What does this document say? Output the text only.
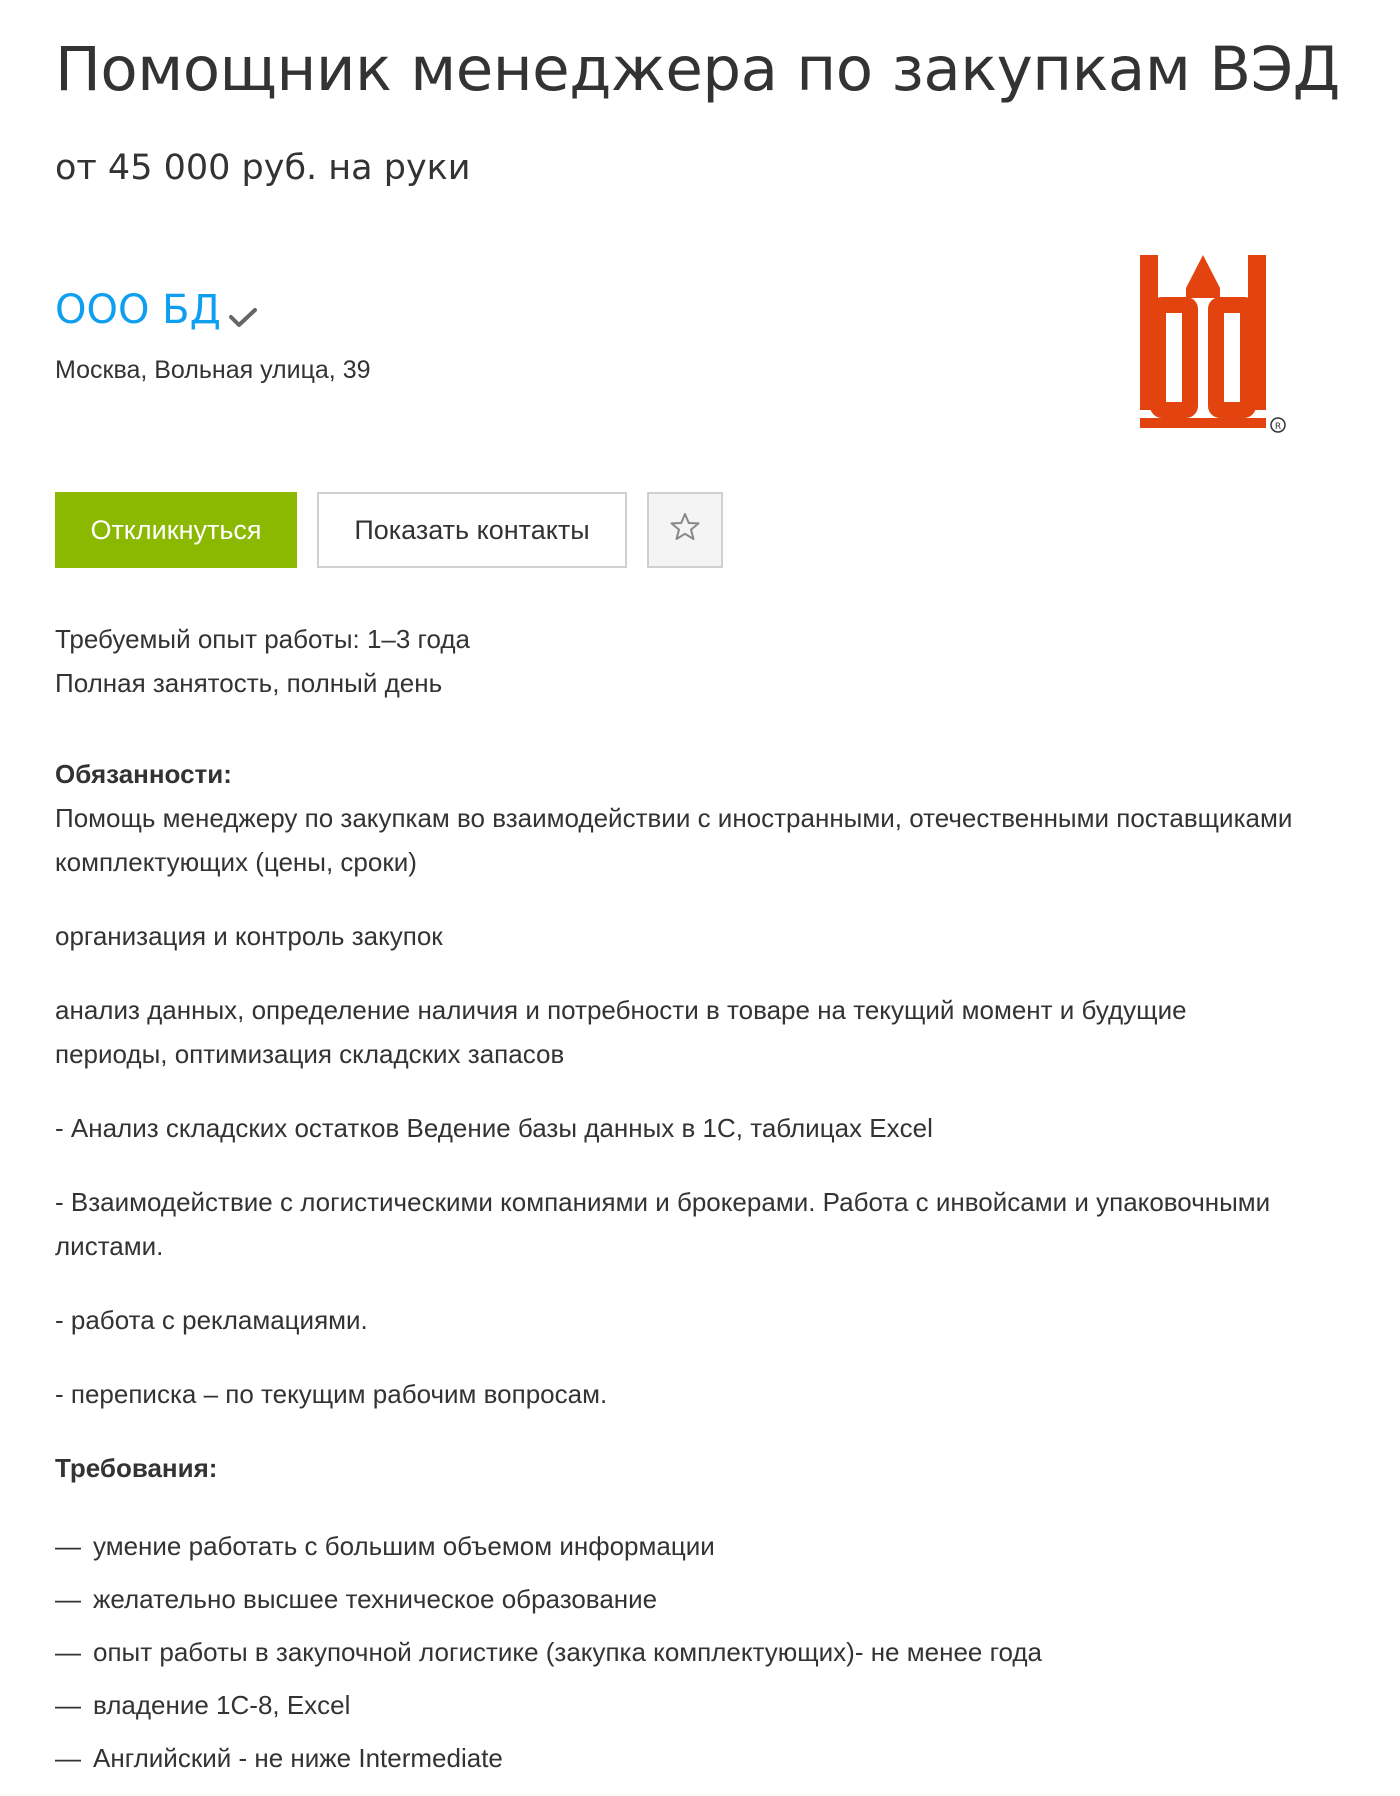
Помощник менеджера по закупкам ВЭД
от 45 000 руб. на руки
ООО БД
Москва, Вольная улица, 39
R
Откликнуться	Показать контакты
Требуемый опыт работы: 1–3 года
Полная занятость, полный день
Обязанности:

Помощь менеджеру по закупкам во взаимодействии с иностранными, отечественными поставщиками комплектующих (цены, сроки)

организация и контроль закупок

анализ данных, определение наличия и потребности в товаре на текущий момент и будущие периоды, оптимизация складских запасов

- Анализ складских остатков Ведение базы данных в 1С, таблицах Excel

- Взаимодействие с логистическими компаниями и брокерами. Работа с инвойсами и упаковочными листами.

- работа с рекламациями.

- переписка – по текущим рабочим вопросам.

Требования:
— умение работать с большим объемом информации
— желательно высшее техническое образование
— опыт работы в закупочной логистике (закупка комплектующих)- не менее года
— владение 1С-8, Excel
— Английский - не ниже Intermediate
